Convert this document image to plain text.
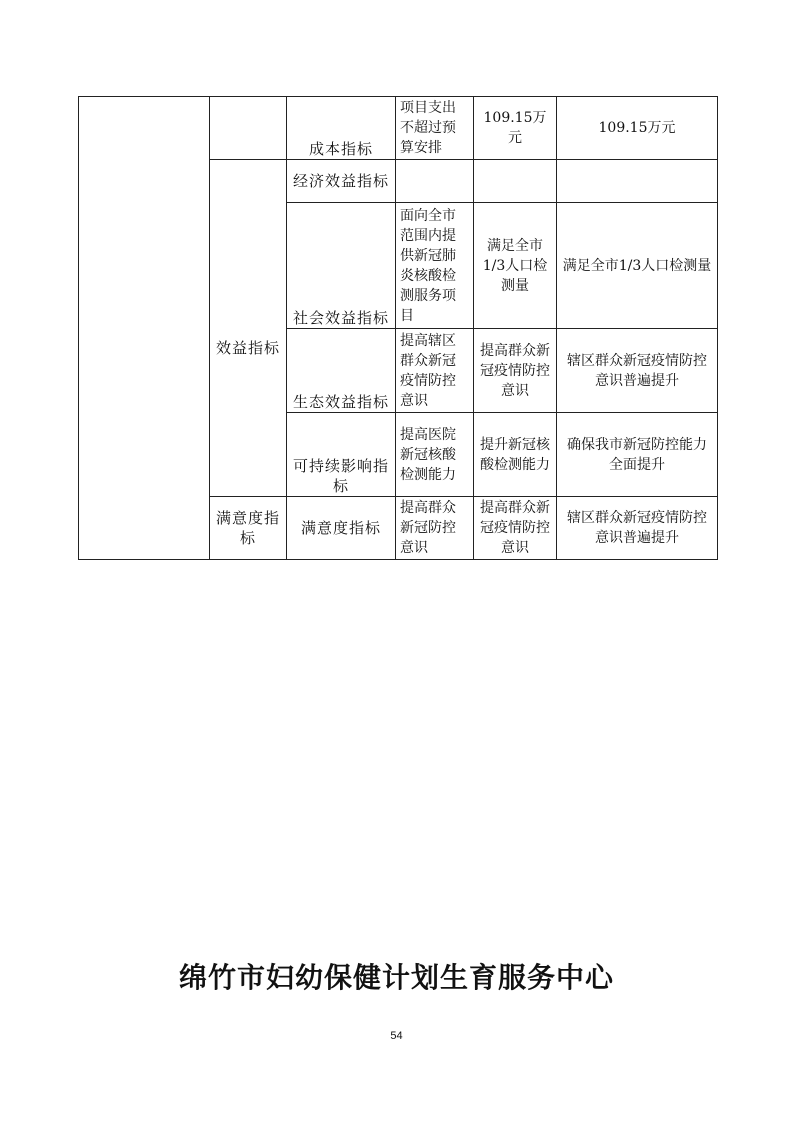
		成本指标	项目支出不超过预算安排	109.15万元	109.15万元
	效益指标	经济效益指标			
		社会效益指标	面向全市范围内提供新冠肺炎核酸检测服务项目	满足全市1/3人口检测量	满足全市1/3人口检测量
		生态效益指标	提高辖区群众新冠疫情防控意识	提高群众新冠疫情防控意识	辖区群众新冠疫情防控意识普遍提升
		可持续影响指标	提高医院新冠核酸检测能力	提升新冠核酸检测能力	确保我市新冠防控能力全面提升
	满意度指标	满意度指标	提高群众新冠防控意识	提高群众新冠疫情防控意识	辖区群众新冠疫情防控意识普遍提升
绵竹市妇幼保健计划生育服务中心
54
